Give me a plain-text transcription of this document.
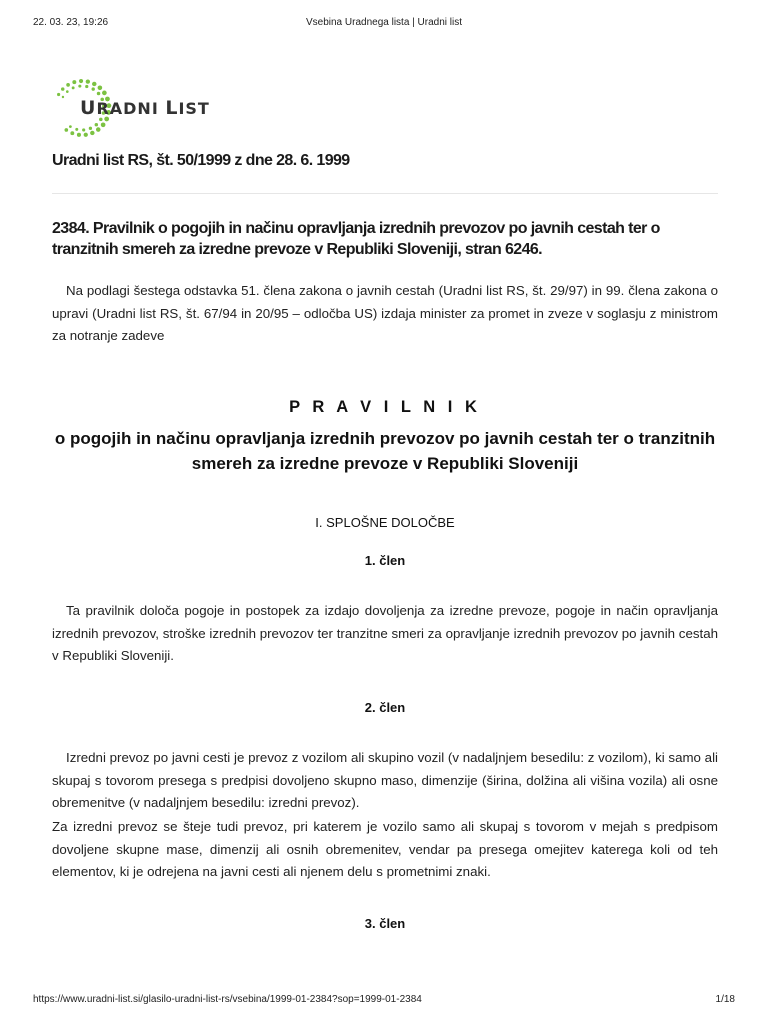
22. 03. 23, 19:26	Vsebina Uradnega lista | Uradni list
URADNI LIST
Uradni list RS, št. 50/1999 z dne 28. 6. 1999
2384. Pravilnik o pogojih in načinu opravljanja izrednih prevozov po javnih cestah ter o tranzitnih smereh za izredne prevoze v Republiki Sloveniji, stran 6246.
Na podlagi šestega odstavka 51. člena zakona o javnih cestah (Uradni list RS, št. 29/97) in 99. člena zakona o upravi (Uradni list RS, št. 67/94 in 20/95 – odločba US) izdaja minister za promet in zveze v soglasju z ministrom za notranje zadeve
P R A V I L N I K
o pogojih in načinu opravljanja izrednih prevozov po javnih cestah ter o tranzitnih smereh za izredne prevoze v Republiki Sloveniji
I. SPLOŠNE DOLOČBE
1. člen
Ta pravilnik določa pogoje in postopek za izdajo dovoljenja za izredne prevoze, pogoje in način opravljanja izrednih prevozov, stroške izrednih prevozov ter tranzitne smeri za opravljanje izrednih prevozov po javnih cestah v Republiki Sloveniji.
2. člen
Izredni prevoz po javni cesti je prevoz z vozilom ali skupino vozil (v nadaljnjem besedilu: z vozilom), ki samo ali skupaj s tovorom presega s predpisi dovoljeno skupno maso, dimenzije (širina, dolžina ali višina vozila) ali osne obremenitve (v nadaljnjem besedilu: izredni prevoz).
Za izredni prevoz se šteje tudi prevoz, pri katerem je vozilo samo ali skupaj s tovorom v mejah s predpisom dovoljene skupne mase, dimenzij ali osnih obremenitev, vendar pa presega omejitev katerega koli od teh elementov, ki je odrejena na javni cesti ali njenem delu s prometnimi znaki.
3. člen
https://www.uradni-list.si/glasilo-uradni-list-rs/vsebina/1999-01-2384?sop=1999-01-2384	1/18
